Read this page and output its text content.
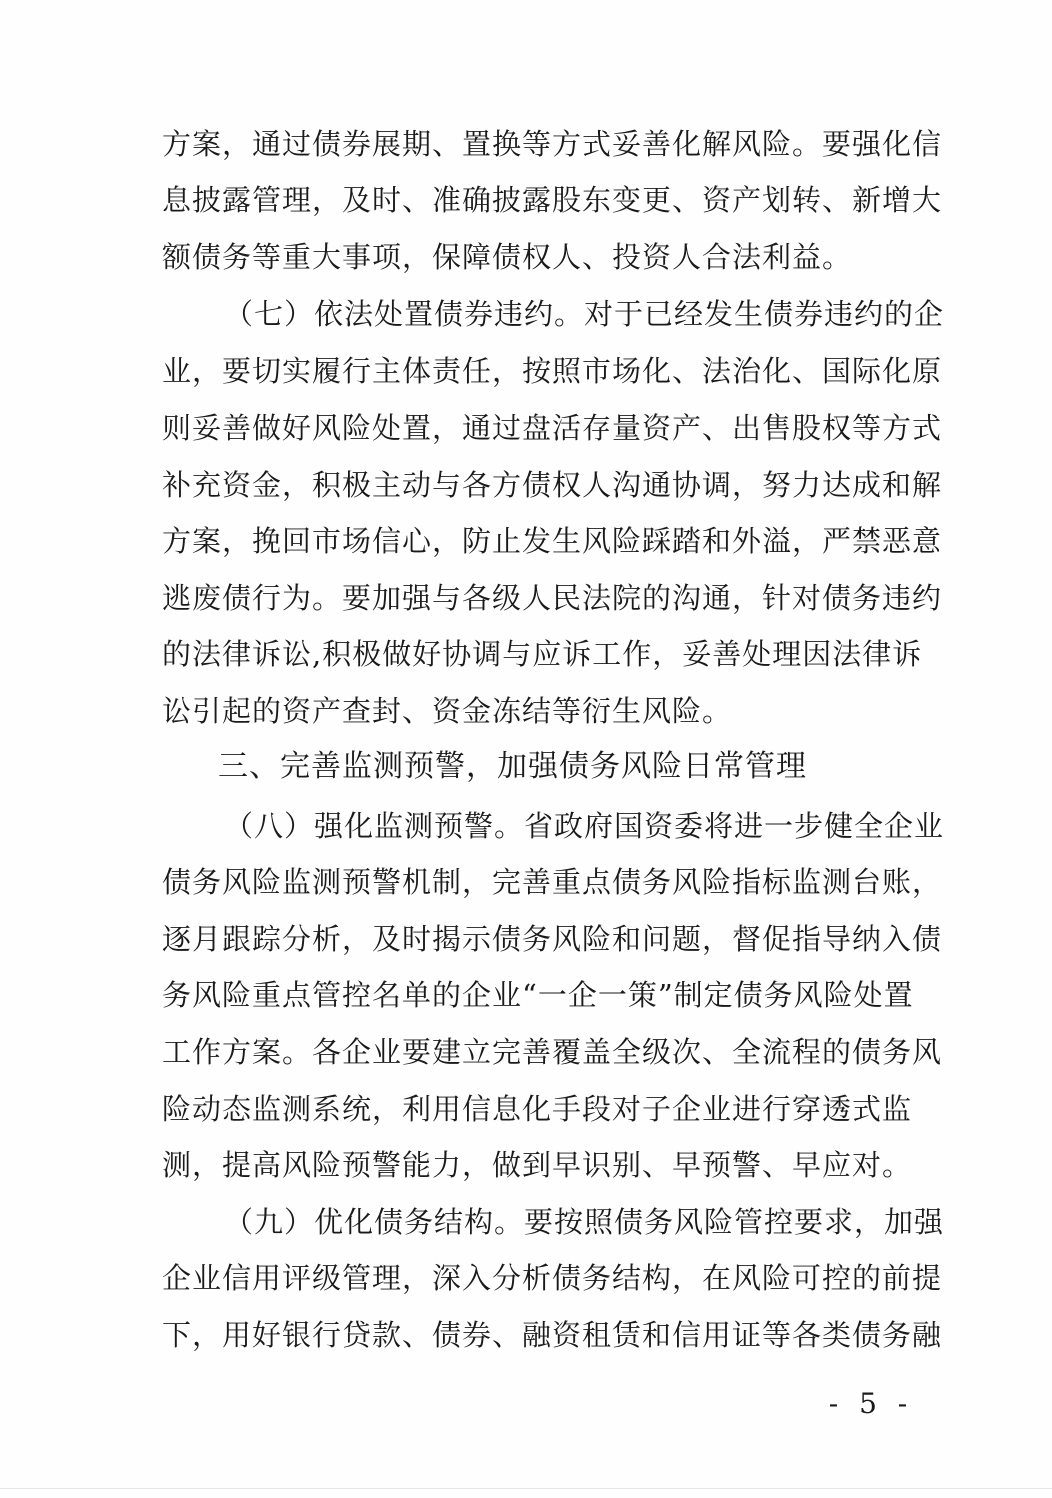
方案，通过债券展期、置换等方式妥善化解风险。要强化信
息披露管理，及时、准确披露股东变更、资产划转、新增大
额债务等重大事项，保障债权人、投资人合法利益。
（七）依法处置债券违约。对于已经发生债券违约的企
业，要切实履行主体责任，按照市场化、法治化、国际化原
则妥善做好风险处置，通过盘活存量资产、出售股权等方式
补充资金，积极主动与各方债权人沟通协调，努力达成和解
方案，挽回市场信心，防止发生风险踩踏和外溢，严禁恶意
逃废债行为。要加强与各级人民法院的沟通，针对债务违约
的法律诉讼,积极做好协调与应诉工作，妥善处理因法律诉
讼引起的资产查封、资金冻结等衍生风险。
三、完善监测预警，加强债务风险日常管理
（八）强化监测预警。省政府国资委将进一步健全企业
债务风险监测预警机制，完善重点债务风险指标监测台账，
逐月跟踪分析，及时揭示债务风险和问题，督促指导纳入债
务风险重点管控名单的企业“一企一策”制定债务风险处置
工作方案。各企业要建立完善覆盖全级次、全流程的债务风
险动态监测系统，利用信息化手段对子企业进行穿透式监
测，提高风险预警能力，做到早识别、早预警、早应对。
（九）优化债务结构。要按照债务风险管控要求，加强
企业信用评级管理，深入分析债务结构，在风险可控的前提
下，用好银行贷款、债券、融资租赁和信用证等各类债务融
- 5 -
